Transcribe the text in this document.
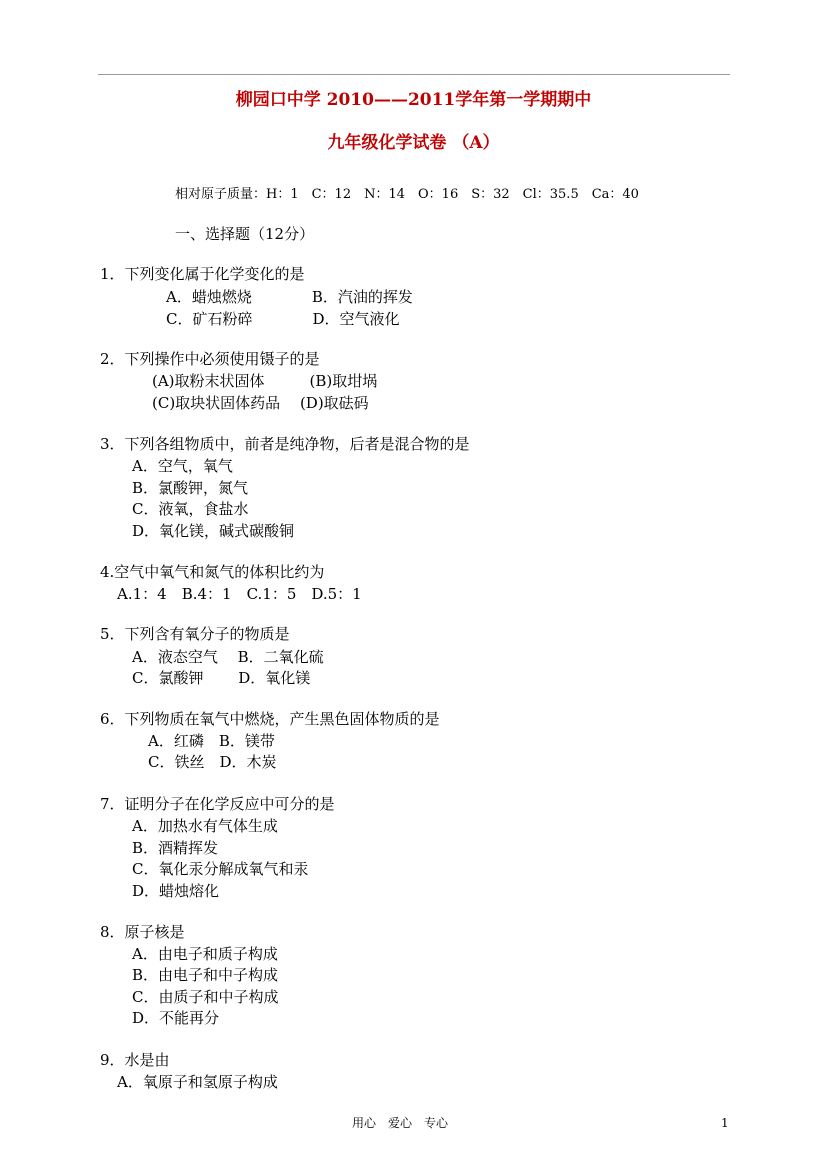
柳园口中学 2010——2011学年第一学期期中
九年级化学试卷 （A）
相对原子质量：H：1　C：12　N：14　O：16　S：32　Cl：35.5　Ca：40
一、选择题（12分）
1．下列变化属于化学变化的是
A．蜡烛燃烧　　　　B．汽油的挥发
C．矿石粉碎　　　　D．空气液化
2．下列操作中必须使用镊子的是
(A)取粉末状固体　　　(B)取坩埚
(C)取块状固体药品　 (D)取砝码
3．下列各组物质中，前者是纯净物，后者是混合物的是
A．空气，氧气
B．氯酸钾，氮气
C．液氧，食盐水
D．氧化镁，碱式碳酸铜
4.空气中氧气和氮气的体积比约为
A.1：4　B.4：1　C.1：5　D.5：1
5．下列含有氧分子的物质是
A．液态空气　 B．二氧化硫
C．氯酸钾　　 D．氧化镁
6．下列物质在氧气中燃烧，产生黑色固体物质的是
A．红磷　B．镁带
C．铁丝　D．木炭
7．证明分子在化学反应中可分的是
A．加热水有气体生成
B．酒精挥发
C．氧化汞分解成氧气和汞
D．蜡烛熔化
8．原子核是
A．由电子和质子构成
B．由电子和中子构成
C．由质子和中子构成
D．不能再分
9．水是由
A．氧原子和氢原子构成
用心　爱心　专心	1
